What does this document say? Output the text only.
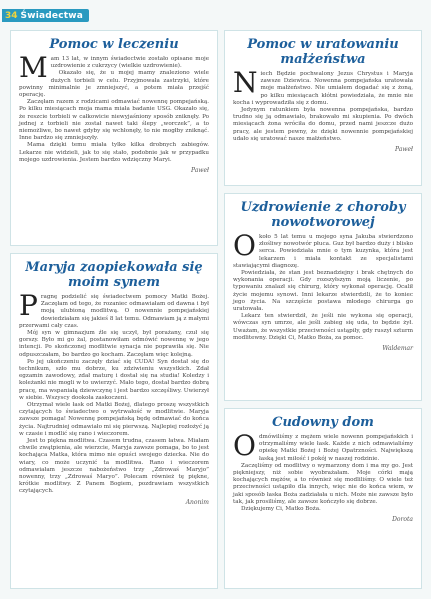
34 Świadectwa
Pomoc w leczeniu

Mam 13 lat, w innym świadectwie zostało opisane moje uzdrowienie z cukrzycy (wielkie uzdrowienie).

Okazało się, że u mojej mamy znaleziono wiele dużych torbieli w celu. Przyjmowała zastrzyki, które powinny minimalnie je zmniejszyć, a potem miała przejść operację.

Zaczęłam razem z rodzicami odmawiać nowennę pompejańską. Po kilku miesiącach moja mama miała badanie USG. Okazało się, że reszcie torbieli w całkowicie niewyjaśniony sposób zniknęły. Po jednej z torbieli nie został nawet taki ślepy „worczek”, a to niemożliwe, bo nawet gdyby się wchłonęły, to nie mogłby zniknąć. Inne bardzo się zmniejszyły.

Mama dzięki temu miała tylko kilka drobnych zabiegów. Lekarze nie widzieli, jak to się stało, podobnie jak w przypadku mojego uzdrowienia. Jestem bardzo wdzięczny Maryi.

Paweł
Pomoc w uratowaniu małżeństwa

Niech Będzie pochwalony Jezus Chrystus i Maryja zawsze Dziewica. Nowenna pompejańska uratowała moje małżeństwo. Nie umiałem dogadać się z żoną, po kilku miesiącach kłótni powiedziała, że mnie nie kocha i wyprowadziła się z domu.

Jedynym ratunkiem była nowenna pompejańska, bardzo trudno się ją odmawiało, brakowało mi skupienia. Po dwóch miesiącach żona wróciła do domu, przed nami jeszcze dużo pracy, ale jestem pewny, że dzięki nowennie pompejańskiej udało się uratować nasze małżeństwo.

Paweł
Uzdrowienie z choroby nowotworowej

Około 5 lat temu u mojego syna Jakuba stwierdzono złośliwy nowotwór płuca. Guz był bardzo duży i blisko serca. Powiedziała mnie o tym kuzynka, która jest lekarzem i miała kontakt ze specjalistami stawiającymi diagnozę.

Powiedziała, że stan jest beznadziejny i brak chętnych do wykonania operacji. Gdy rozszyłszym moją liczenie, po typowaniu znalazł się chirurg, który wykonał operację. Ocalił życie mojemu synowi. Inni lekarze stwierdzili, że to koniec jego życia. Na szczęście postawa młodego chirurga go uratowała.

Lekarz ten stwierdził, że jeśli nie wykona się operacji, wówczas syn umrze, ale jeśli zabieg się uda, to będzie żył. Uważam, że wszystkie przeciwności ustąpiły, gdy ruszył szturm modlitewny. Dzięki Ci, Matko Boża, za pomoc.

Waldemar
Maryja zaopiekowała się moim synem

Pragnę podzielić się świadectwem pomocy Matki Bożej. Zaczęłam od tego, że rozaniec odmawiałam od dawna i był moją ulubioną modlitwą. O nowennie pompejańskiej dowiedziałam się jakieś 8 lat temu. Odmawiam ją z małymi przerwami cały czas.

Mój syn w gimnazjum źle się uczył, był porażany, czuł się gorszy. Było mi go żal, postanowiłam odmówić nowennę w jego intencji. Po skończonej modlitwie synacja nie poprawiła się. Nie odpuszczałam, bo bardzo go kocham. Zaczęłam więc kolejną.

Po jej ukończeniu zaczęły dziać się CUDA! Syn dostał się do technikum, szło mu dobrze, ku zdziwieniu wszystkich. Zdał egzamin zawodowy, zdał maturę i dostał się na studia! Koledzy i koleżanki nie mogli w to uwierzyć. Mało tego, dostał bardzo dobrą pracę, ma wspaniałą dziewczynę i jest bardzo szczęśliwy. Uwierzył w siebie. Wszyscy dookoła zaskoczeni.

Otrzymał wiele łask od Matki Bożej, dlatego proszę wszystkich czytających to świadectwo o wytrwałość w modlitwie. Maryja zawsze pomaga! Nowennę pompejańską będę odmawiać do końca życia. Najtrudniej odmawiało mi się pierwszą. Najlepiej rozłożyć ją w czasie i modlić się rano i wieczorem.

Jest to piękna modlitwa. Czasem trudna, czasem łatwa. Miałam chwile zwątpienia, ale wierzcie, Maryja zawsze pomaga, bo to jest kochająca Matka, która mimo nie opuści swojego dziecka. Nie do wiary, co może uczynić ta modlitwa. Rano i wieczorem odmawiałam jeszcze nabożeństwo trzy „Zdrowaś Maryjo” nowenny, trzy „Zdrowaś Maryo”. Polecam również tę piękne, krótkie modlitwy. Z Panem Bogiem, pozdrawiam wszystkich czytających.

Anonim
Cudowny dom

Odmówiliśmy z mężem wiele nowenn pompejańskich i otrzymaliśmy wiele łask. Każde z nich odmawialiśmy opiekę Matki Bożej i Bożej Opatrzności. Największą łaską jest miłość i pokój w naszej rodzinie.

Zaczęliśmy od modlitwy o wymarzony dom i ma my go. Jest piękniejszy, niż sobie wyobrażałam. Moje córki mają kochających mężów, a to również się modliliśmy. O wiele też przeciwności ustąpiło dla innych, więc nie do końca wiem, w jaki sposób łaska Boża zadziałała u nich. Może nie zawsze było tak, jak prosiliśmy, ale zawsze kończyło się dobrze.

Dziękujemy Ci, Matko Boża.

Dorota
